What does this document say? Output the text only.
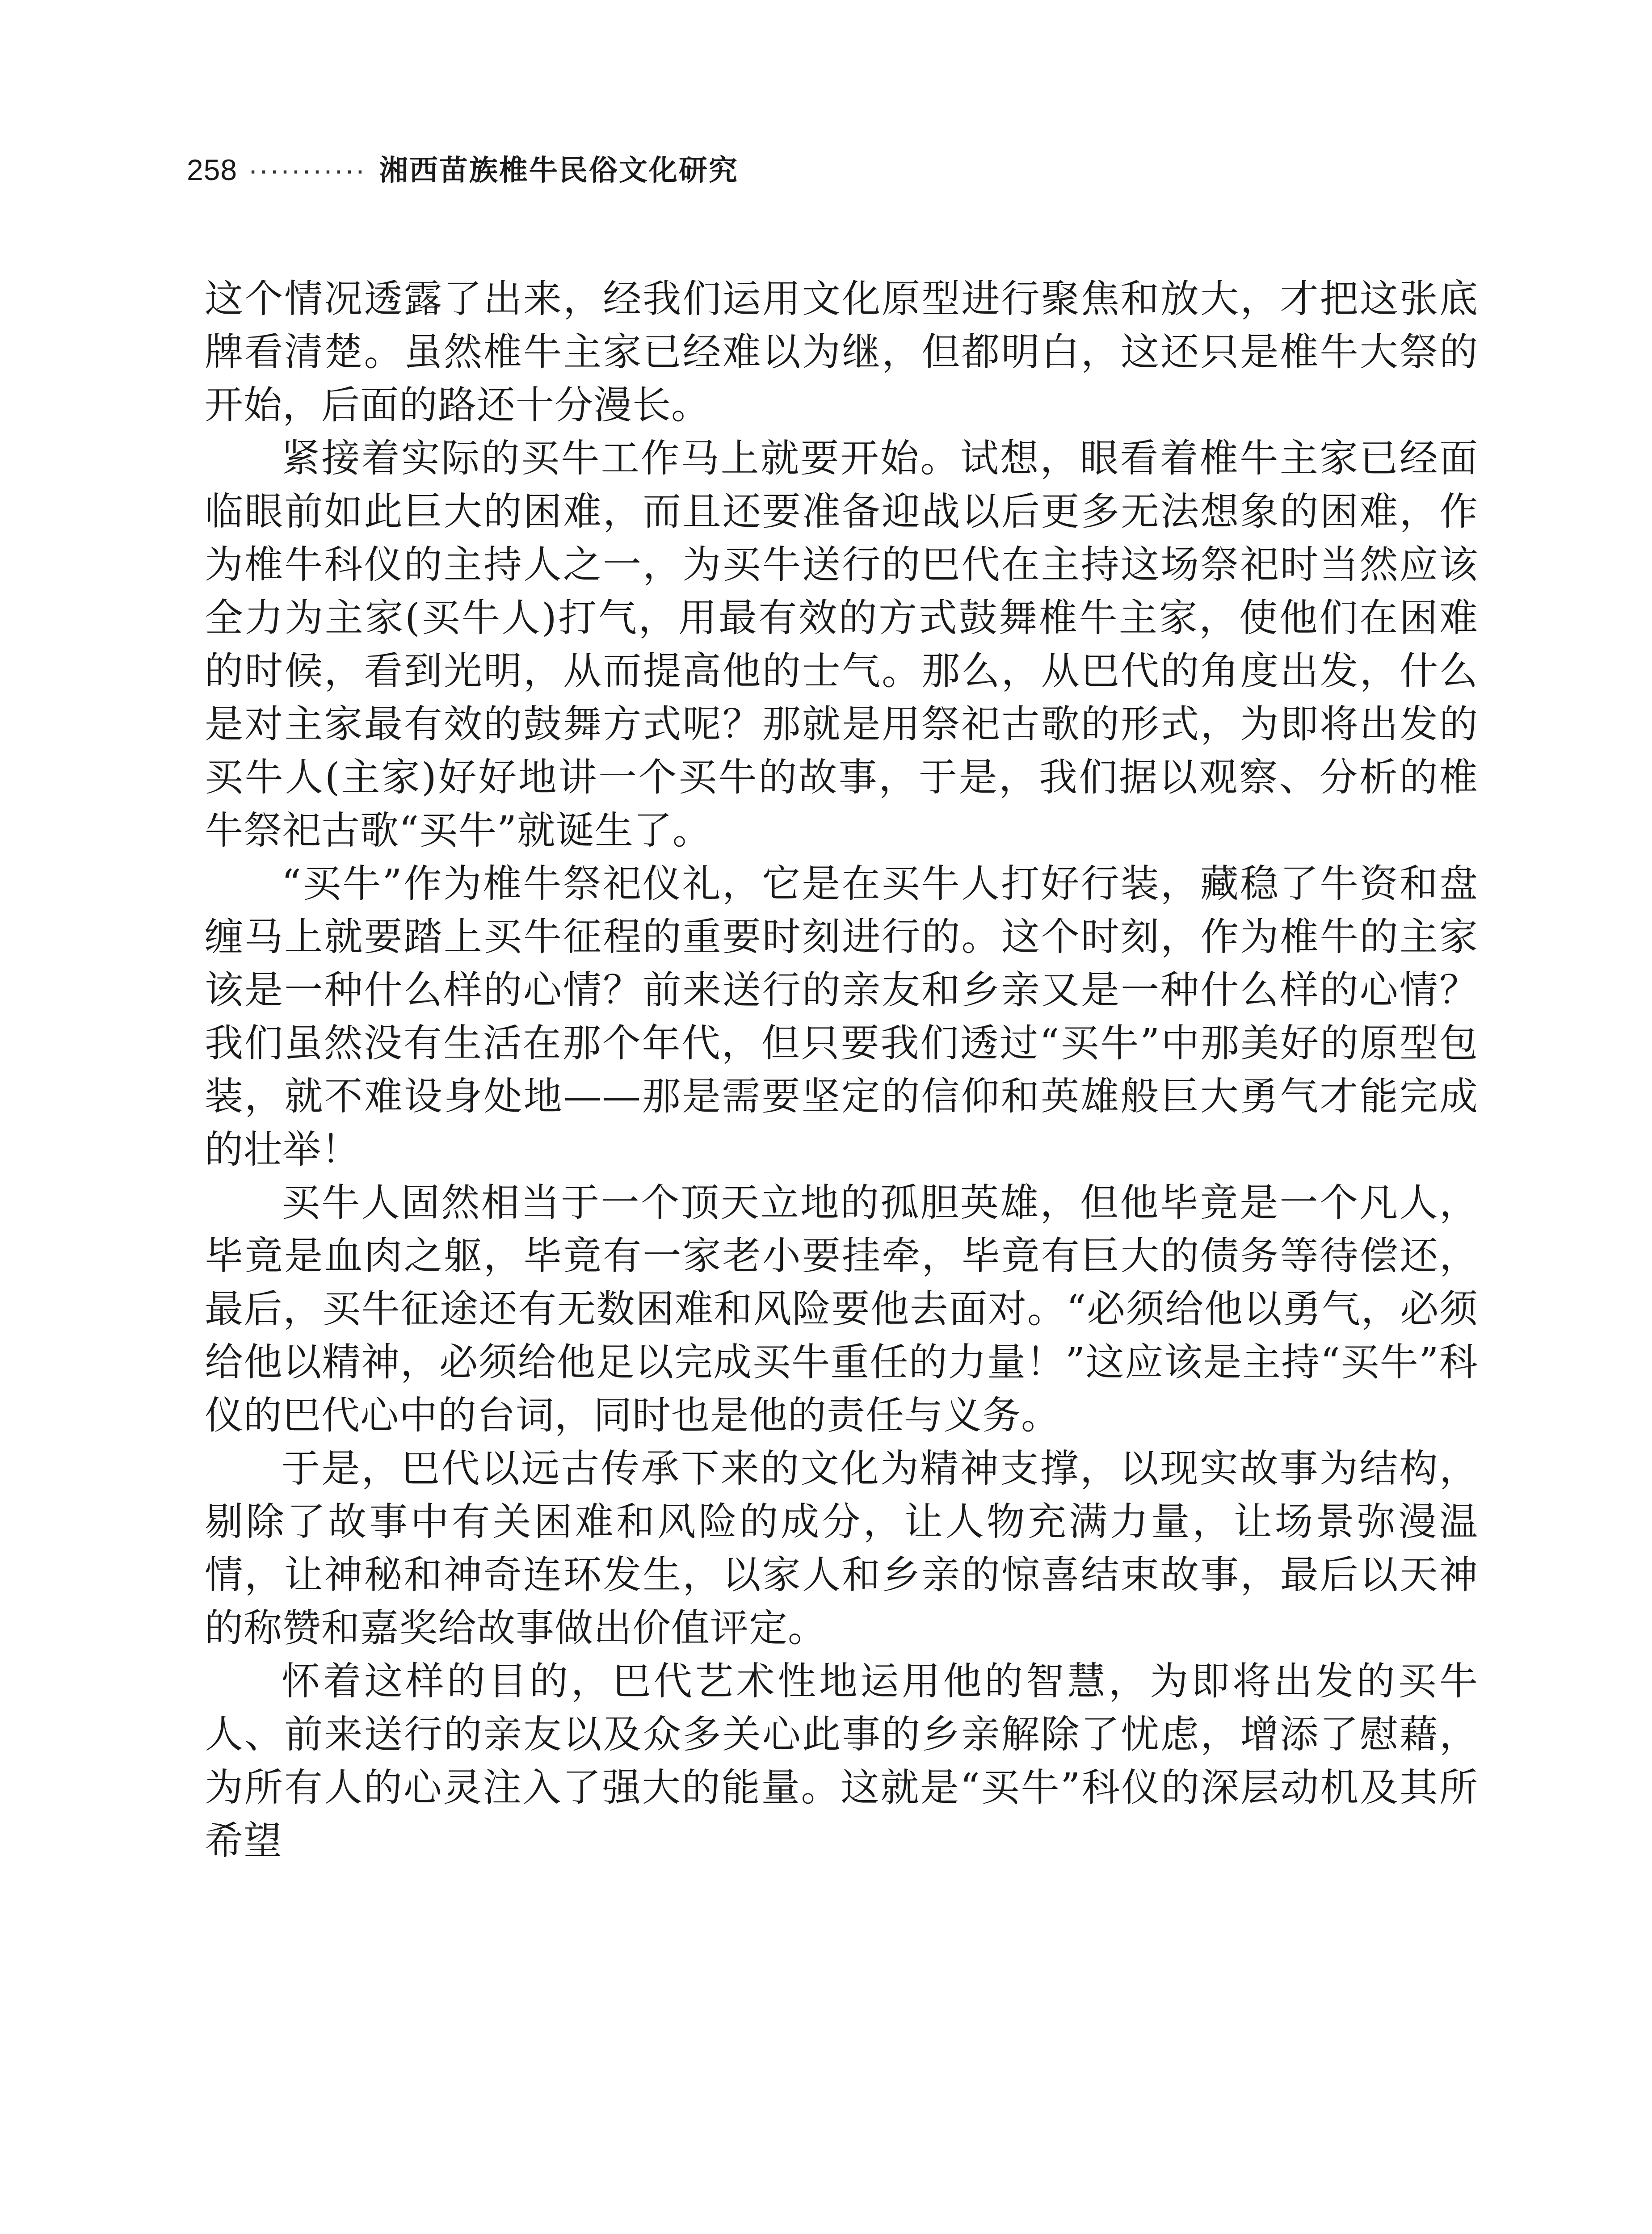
258 ··········· 湘西苗族椎牛民俗文化研究

这个情况透露了出来，经我们运用文化原型进行聚焦和放大，才把这张底牌看清楚。虽然椎牛主家已经难以为继，但都明白，这还只是椎牛大祭的开始，后面的路还十分漫长。

紧接着实际的买牛工作马上就要开始。试想，眼看着椎牛主家已经面临眼前如此巨大的困难，而且还要准备迎战以后更多无法想象的困难，作为椎牛科仪的主持人之一，为买牛送行的巴代在主持这场祭祀时当然应该全力为主家(买牛人)打气，用最有效的方式鼓舞椎牛主家，使他们在困难的时候，看到光明，从而提高他的士气。那么，从巴代的角度出发，什么是对主家最有效的鼓舞方式呢？那就是用祭祀古歌的形式，为即将出发的买牛人(主家)好好地讲一个买牛的故事，于是，我们据以观察、分析的椎牛祭祀古歌“买牛”就诞生了。

“买牛”作为椎牛祭祀仪礼，它是在买牛人打好行装，藏稳了牛资和盘缠马上就要踏上买牛征程的重要时刻进行的。这个时刻，作为椎牛的主家该是一种什么样的心情？前来送行的亲友和乡亲又是一种什么样的心情？我们虽然没有生活在那个年代，但只要我们透过“买牛”中那美好的原型包装，就不难设身处地——那是需要坚定的信仰和英雄般巨大勇气才能完成的壮举！

买牛人固然相当于一个顶天立地的孤胆英雄，但他毕竟是一个凡人，毕竟是血肉之躯，毕竟有一家老小要挂牵，毕竟有巨大的债务等待偿还，最后，买牛征途还有无数困难和风险要他去面对。“必须给他以勇气，必须给他以精神，必须给他足以完成买牛重任的力量！”这应该是主持“买牛”科仪的巴代心中的台词，同时也是他的责任与义务。

于是，巴代以远古传承下来的文化为精神支撑，以现实故事为结构，剔除了故事中有关困难和风险的成分，让人物充满力量，让场景弥漫温情，让神秘和神奇连环发生，以家人和乡亲的惊喜结束故事，最后以天神的称赞和嘉奖给故事做出价值评定。

怀着这样的目的，巴代艺术性地运用他的智慧，为即将出发的买牛人、前来送行的亲友以及众多关心此事的乡亲解除了忧虑，增添了慰藉，为所有人的心灵注入了强大的能量。这就是“买牛”科仪的深层动机及其所希望
